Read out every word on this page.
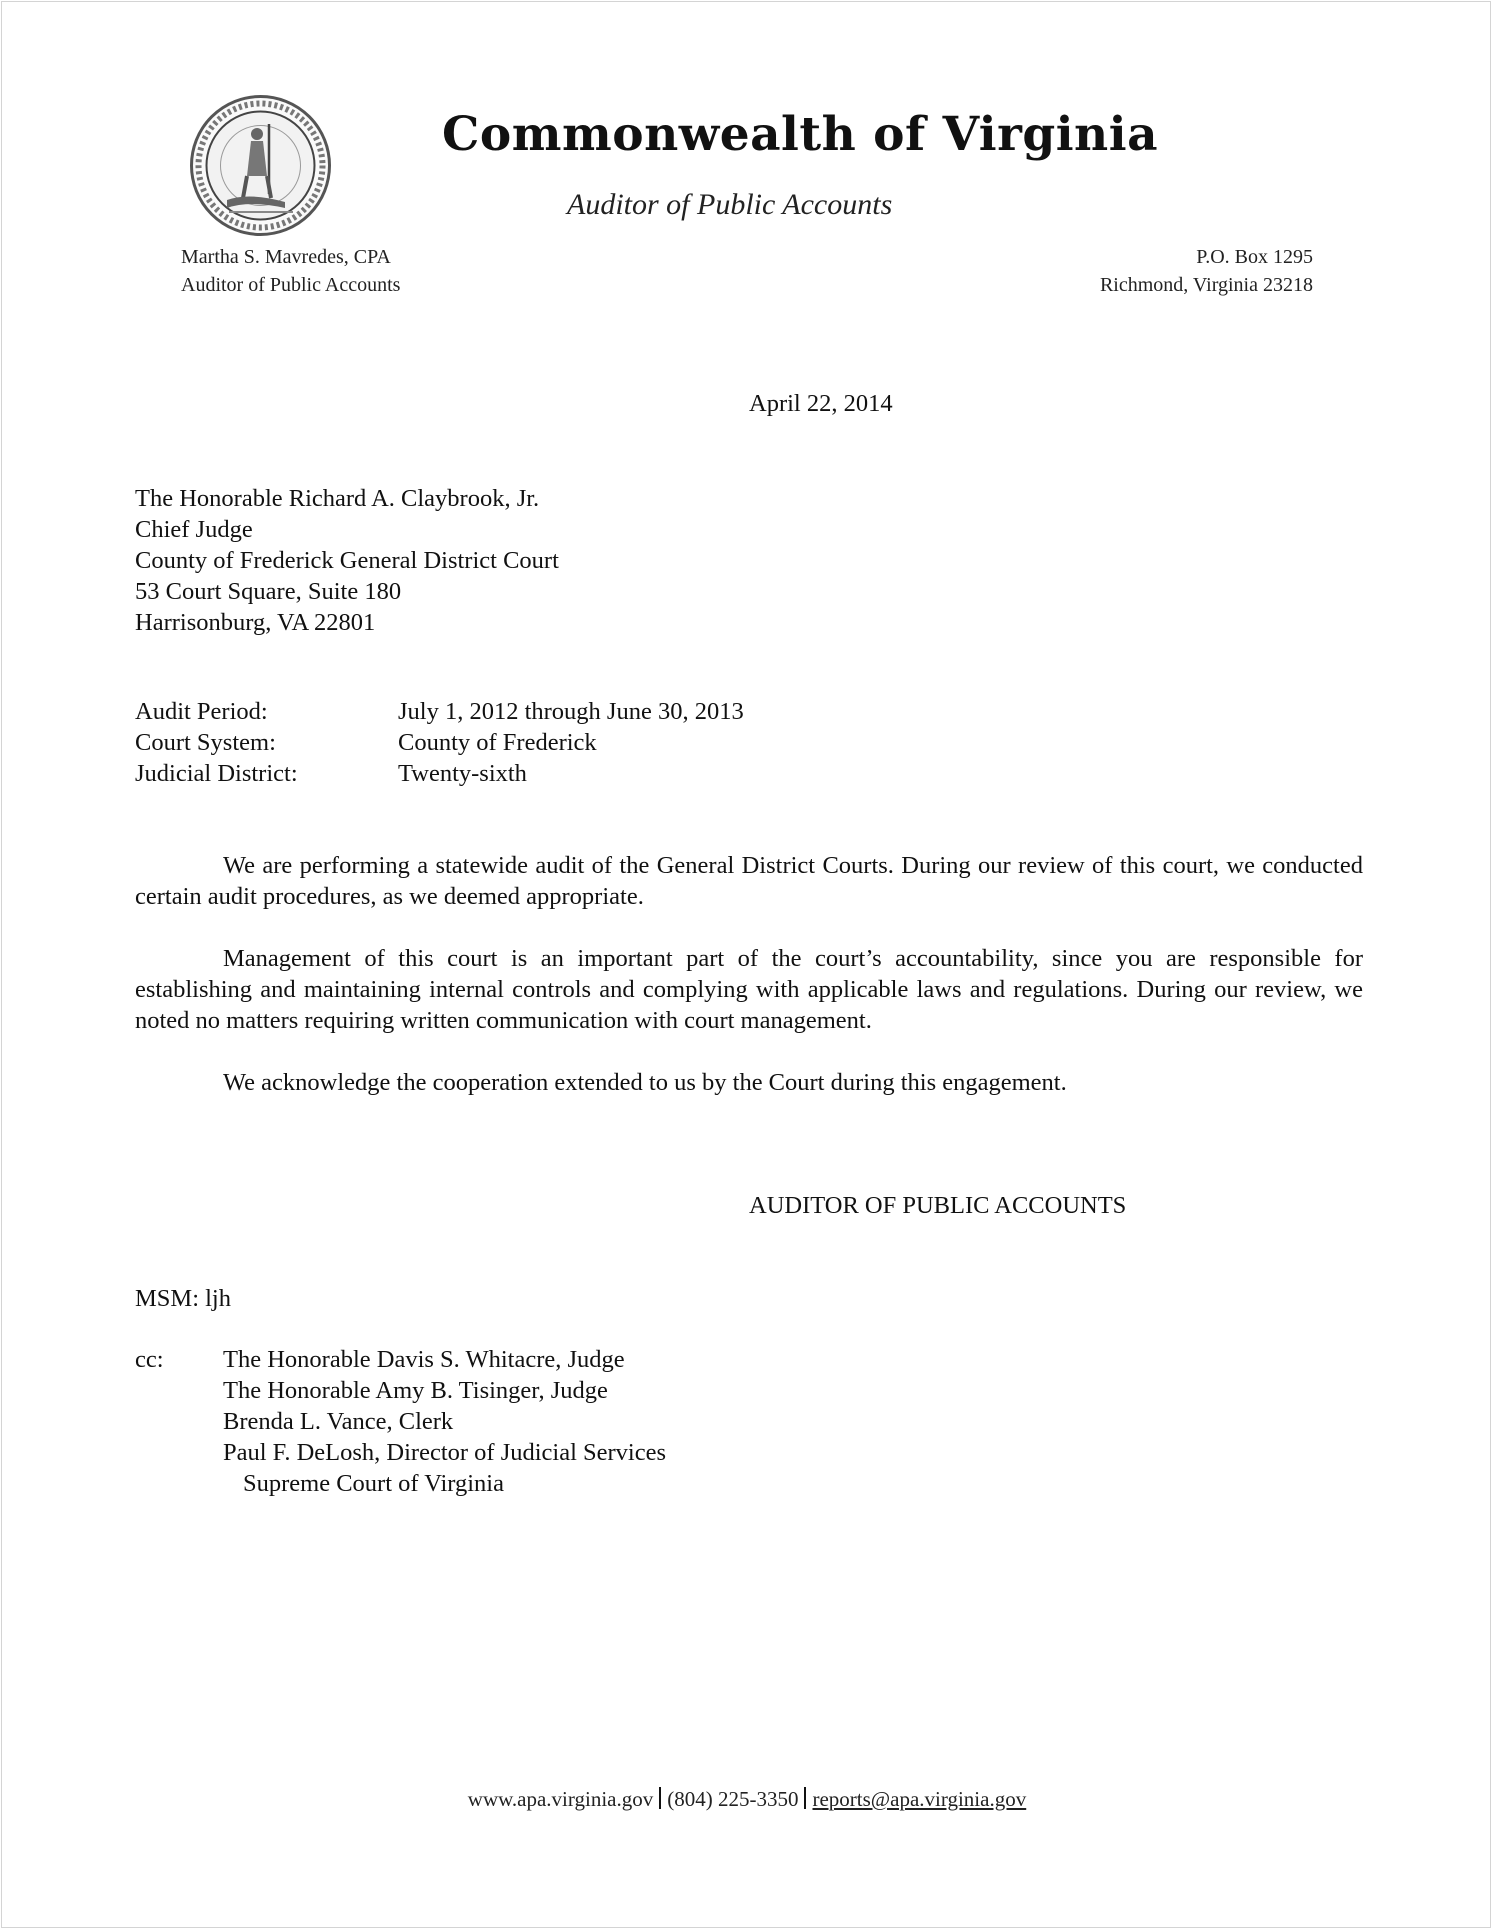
Commonwealth of Virginia
Auditor of Public Accounts
Martha S. Mavredes, CPA
Auditor of Public Accounts
P.O. Box 1295
Richmond, Virginia 23218
April 22, 2014
The Honorable Richard A. Claybrook, Jr.
Chief Judge
County of Frederick General District Court
53 Court Square, Suite 180
Harrisonburg, VA 22801
Audit Period:	July 1, 2012 through June 30, 2013
Court System:	County of Frederick
Judicial District:	Twenty-sixth
We are performing a statewide audit of the General District Courts. During our review of this court, we conducted certain audit procedures, as we deemed appropriate.
Management of this court is an important part of the court’s accountability, since you are responsible for establishing and maintaining internal controls and complying with applicable laws and regulations. During our review, we noted no matters requiring written communication with court management.
We acknowledge the cooperation extended to us by the Court during this engagement.
AUDITOR OF PUBLIC ACCOUNTS
MSM: ljh
cc:	The Honorable Davis S. Whitacre, Judge
The Honorable Amy B. Tisinger, Judge
Brenda L. Vance, Clerk
Paul F. DeLosh, Director of Judicial Services
Supreme Court of Virginia
www.apa.virginia.gov (804) 225-3350 reports@apa.virginia.gov
